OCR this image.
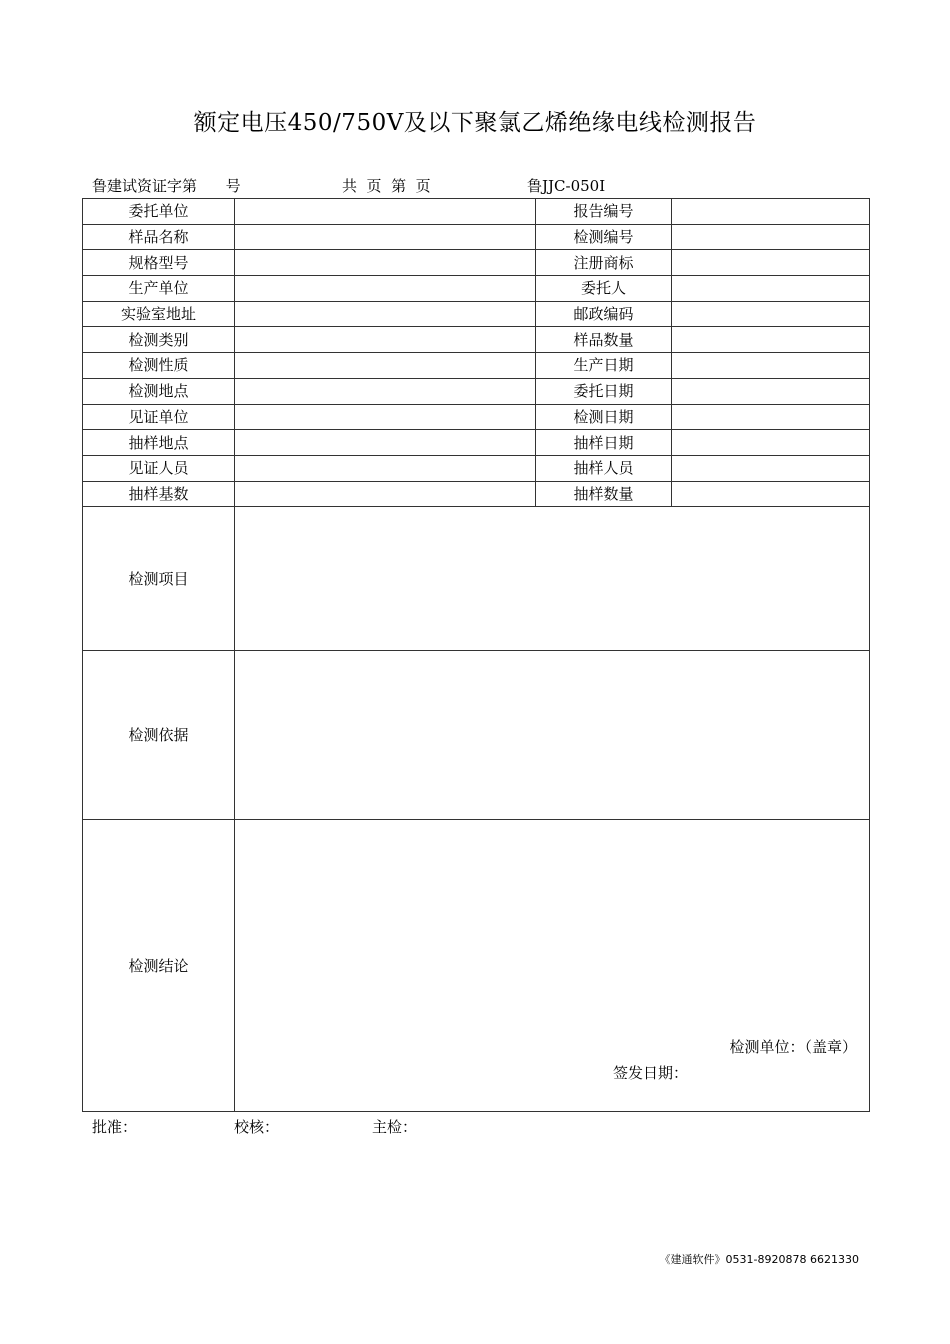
额定电压450/750V及以下聚氯乙烯绝缘电线检测报告
鲁建试资证字第      号	共  页  第  页	鲁JJC-050Ⅰ
委托单位		报告编号	
样品名称		检测编号	
规格型号		注册商标	
生产单位		委托人	
实验室地址		邮政编码	
检测类别		样品数量	
检测性质		生产日期	
检测地点		委托日期	
见证单位		检测日期	
抽样地点		抽样日期	
见证人员		抽样人员	
抽样基数		抽样数量	
检测项目			
检测依据			
检测结论	检测单位：（盖章）
签发日期：		
批准：	校核：	主检：
《建通软件》0531-8920878 6621330
